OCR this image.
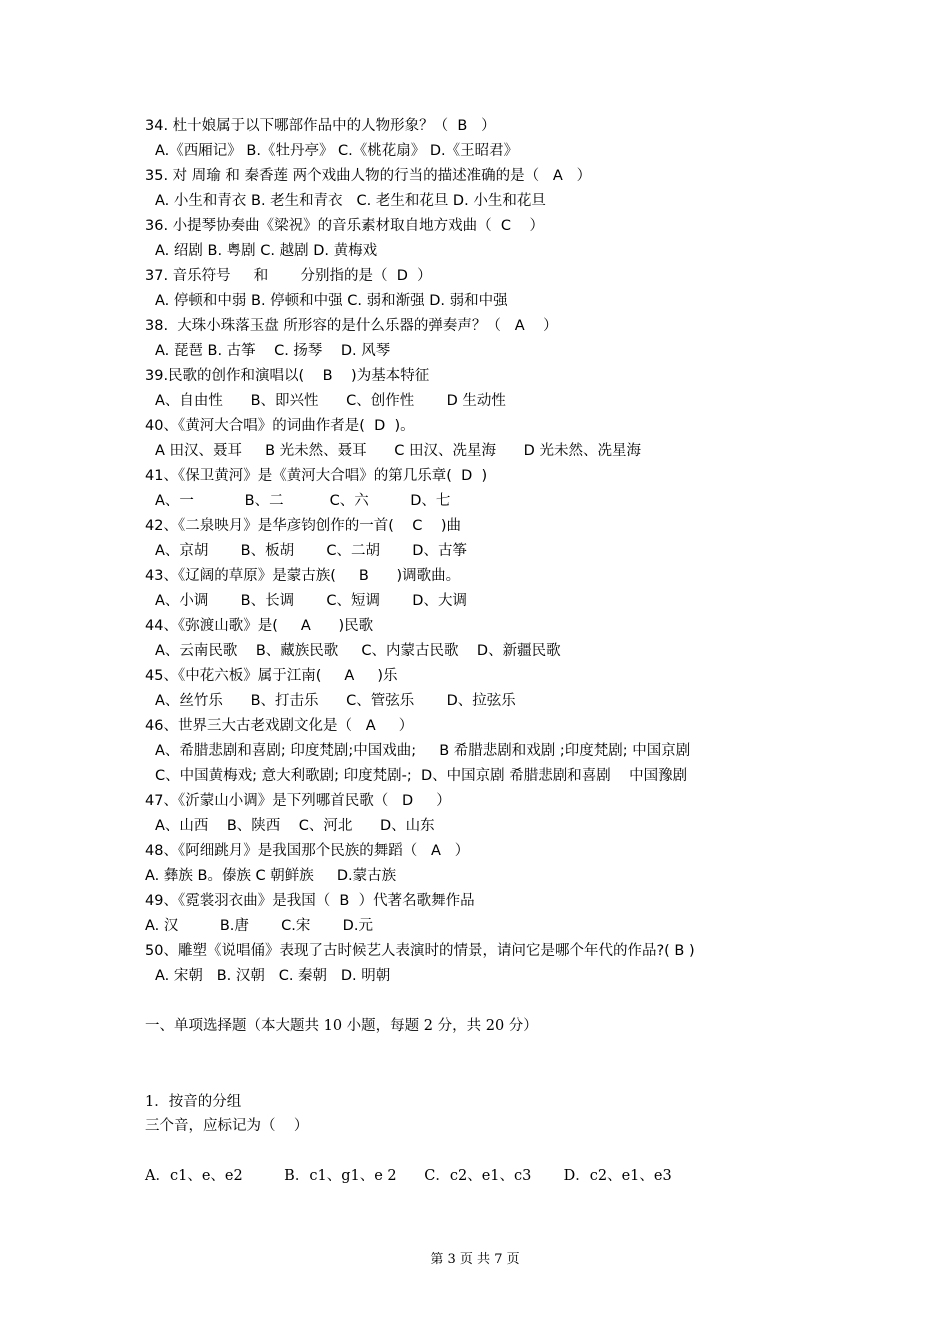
34. 杜十娘属于以下哪部作品中的人物形象？（  B   ）
A.《西厢记》 B.《牡丹亭》 C.《桃花扇》 D.《王昭君》
35. 对 周瑜 和 秦香莲 两个戏曲人物的行当的描述准确的是（   A   ）
A. 小生和青衣 B. 老生和青衣   C. 老生和花旦 D. 小生和花旦
36. 小提琴协奏曲《梁祝》的音乐素材取自地方戏曲（  C    ）
A. 绍剧 B. 粤剧 C. 越剧 D. 黄梅戏
37. 音乐符号     和       分别指的是（  D  ）
A. 停顿和中弱 B. 停顿和中强 C. 弱和渐强 D. 弱和中强
38.  大珠小珠落玉盘 所形容的是什么乐器的弹奏声？（   A    ）
A. 琵琶 B. 古筝    C. 扬琴    D. 风琴
39.民歌的创作和演唱以(    B    )为基本特征
A、自由性      B、即兴性      C、创作性       D 生动性
40、《黄河大合唱》的词曲作者是(  D  )。
A 田汉、聂耳     B 光未然、聂耳      C 田汉、冼星海      D 光未然、冼星海
41、《保卫黄河》是《黄河大合唱》的第几乐章(  D  )
A、一           B、二          C、六         D、七
42、《二泉映月》是华彦钧创作的一首(    C    )曲
A、京胡       B、板胡       C、二胡       D、古筝
43、《辽阔的草原》是蒙古族(     B      )调歌曲。
A、小调       B、长调       C、短调       D、大调
44、《弥渡山歌》是(     A      )民歌
A、云南民歌    B、藏族民歌     C、内蒙古民歌    D、新疆民歌
45、《中花六板》属于江南(     A     )乐
A、丝竹乐      B、打击乐      C、管弦乐       D、拉弦乐
46、世界三大古老戏剧文化是（   A     ）
A、希腊悲剧和喜剧; 印度梵剧;中国戏曲;     B 希腊悲剧和戏剧 ;印度梵剧; 中国京剧
C、中国黄梅戏; 意大利歌剧; 印度梵剧-;  D、中国京剧 希腊悲剧和喜剧    中国豫剧
47、《沂蒙山小调》是下列哪首民歌（   D     ）
A、山西    B、陕西    C、河北      D、山东
48、《阿细跳月》是我国那个民族的舞蹈（   A   ）
A. 彝族 B。傣族 C 朝鲜族     D.蒙古族
49、《霓裳羽衣曲》是我国（  B  ）代著名歌舞作品
A. 汉         B.唐       C.宋       D.元
50、雕塑《说唱俑》表现了古时候艺人表演时的情景，请问它是哪个年代的作品?( B )
A. 宋朝   B. 汉朝   C. 秦朝   D. 明朝
一、单项选择题（本大题共 10 小题，每题 2 分，共 20 分）
1．按音的分组
三个音，应标记为（    ）
A．c1、e、e2         B．c1、g1、e 2      C．c2、e1、c3       D．c2、e1、e3
第 3 页 共 7 页
